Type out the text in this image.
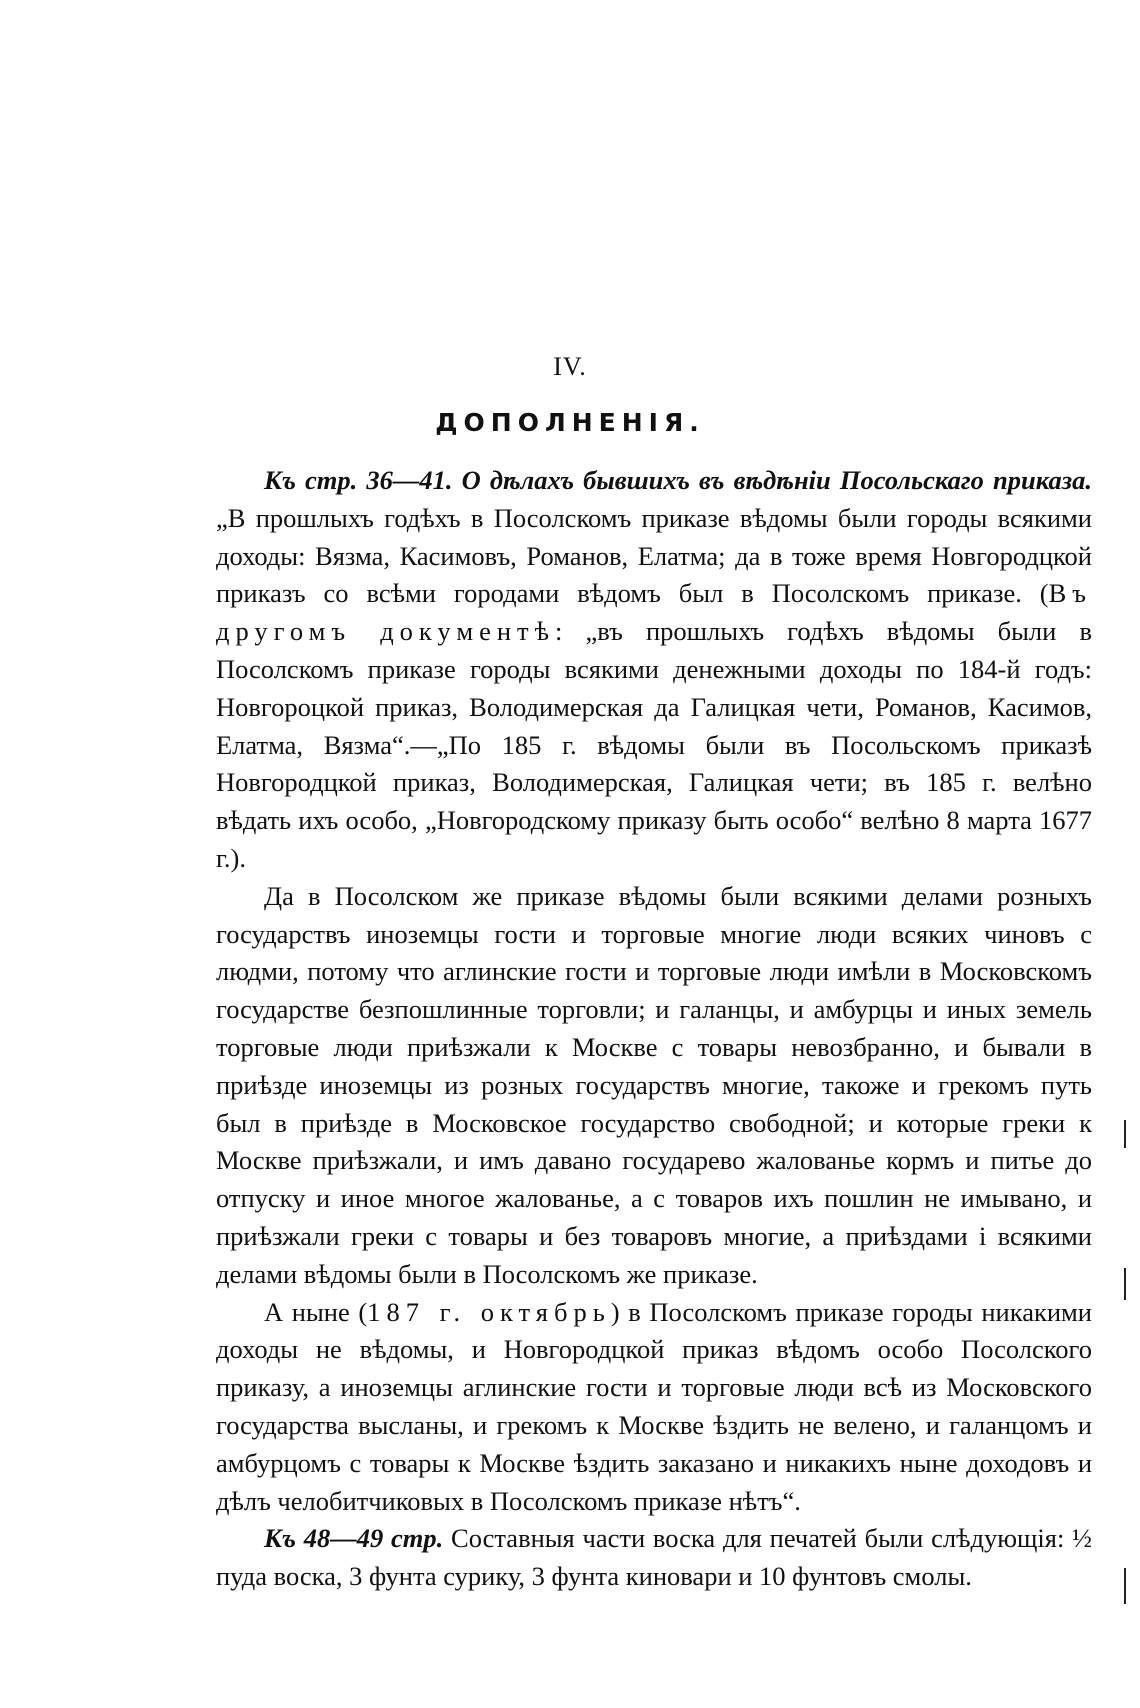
IV.
ДОПОЛНЕНІЯ.

Къ стр. 36—41. О дѣлахъ бывшихъ въ вѣдѣніи Посольскаго приказа. „В прошлыхъ годѣхъ в Посолскомъ приказе вѣдомы были городы всякими доходы: Вязма, Касимовъ, Романов, Елатма; да в тоже время Новгородцкой приказъ со всѣми городами вѣдомъ был в Посолскомъ приказе. (Въ другомъ документѣ: „въ прошлыхъ годѣхъ вѣдомы были в Посолскомъ приказе городы всякими денежными доходы по 184-й годъ: Новгороцкой приказ, Володимерская да Галицкая чети, Романов, Касимов, Елатма, Вязма“.—„По 185 г. вѣдомы были въ Посольскомъ приказѣ Новгородцкой приказ, Володимерская, Галицкая чети; въ 185 г. велѣно вѣдать ихъ особо, „Новгородскому приказу быть особо“ велѣно 8 марта 1677 г.).

Да в Посолском же приказе вѣдомы были всякими делами розныхъ государствъ иноземцы гости и торговые многие люди всяких чиновъ с людми, потому что аглинские гости и торговые люди имѣли в Московскомъ государстве безпошлинные торговли; и галанцы, и амбурцы и иных земель торговые люди приѣзжали к Москве с товары невозбранно, и бывали в приѣзде иноземцы из розных государствъ многие, такоже и грекомъ путь был в приѣзде в Московское государство свободной; и которые греки к Москве приѣзжали, и имъ давано государево жалованье кормъ и питье до отпуску и иное многое жалованье, а с товаров ихъ пошлин не имывано, и приѣзжали греки с товары и без товаровъ многие, а приѣздами і всякими делами вѣдомы были в Посолскомъ же приказе.

А ныне (187 г. октябрь) в Посолскомъ приказе городы никакими доходы не вѣдомы, и Новгородцкой приказ вѣдомъ особо Посолского приказу, а иноземцы аглинские гости и торговые люди всѣ из Московского государства высланы, и грекомъ к Москве ѣздить не велено, и галанцомъ и амбурцомъ с товары к Москве ѣздить заказано и никакихъ ныне доходовъ и дѣлъ челобитчиковых в Посолскомъ приказе нѣтъ“.

Къ 48—49 стр. Составныя части воска для печатей были слѣдующія: ½ пуда воска, 3 фунта сурику, 3 фунта киновари и 10 фунтовъ смолы.
